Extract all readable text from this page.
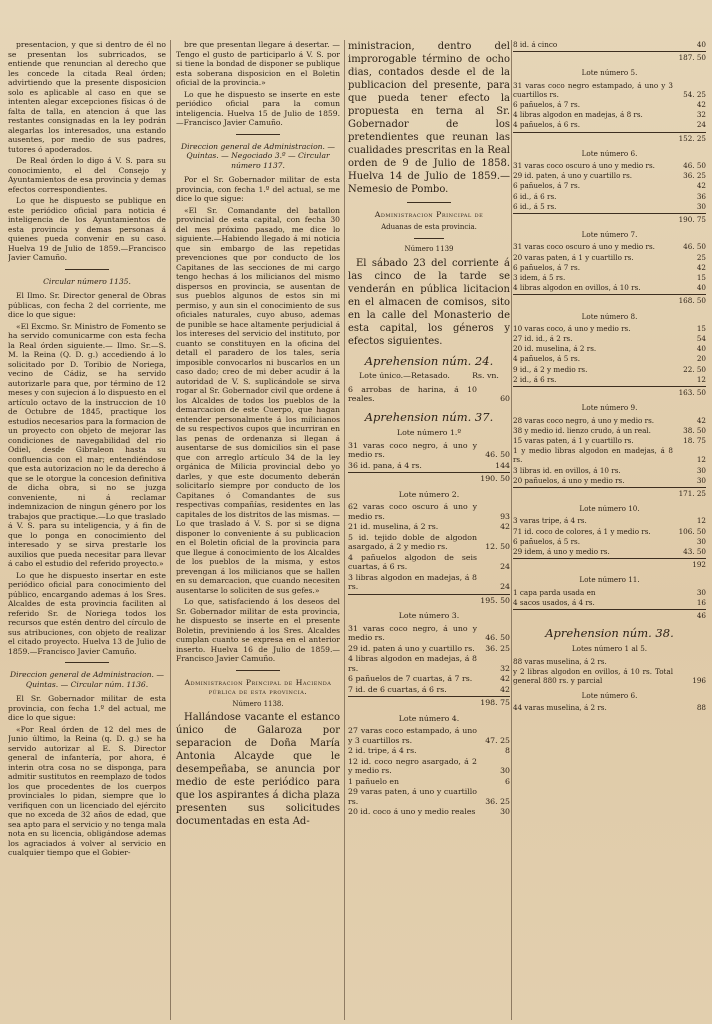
presentacion, y que si dentro de él no se presentan los subrricados, se entiende que renuncian al derecho que les concede la citada Real órden; advirtiendo que la presente disposicion solo es aplicable al caso en que se intenten alegar excepciones físicas ó de falta de talla, en atencion á que las restantes consignadas en la ley podrán alegarlas los interesados, una estando ausentes, por medio de sus padres, tutores ó apoderados.

De Real órden lo digo á V. S. para su conocimiento, el del Consejo y Ayuntamientos de esa provincia y demas efectos correspondientes.

Lo que he dispuesto se publique en este periódico oficial para noticia é inteligencia de los Ayuntamientos de esta provincia y demas personas á quienes pueda convenir en su caso. Huelva 19 de Julio de 1859.—Francisco Javier Camuño.

Circular número 1135.

El Ilmo. Sr. Director general de Obras públicas, con fecha 2 del corriente, me dice lo que sigue:

«El Excmo. Sr. Ministro de Fomento se ha servido comunicarme con esta fecha la Real órden siguiente.— Ilmo. Sr.—S. M. la Reina (Q. D. g.) accediendo á lo solicitado por D. Toribio de Noriega, vecino de Cádiz, se ha servido autorizarle para que, por término de 12 meses y con sujecion á lo dispuesto en el artículo octavo de la instruccion de 10 de Octubre de 1845, practique los estudios necesarios para la formacion de un proyecto con objeto de mejorar las condiciones de navegabilidad del rio Odiel, desde Gibraleon hasta su confluencia con el mar; entendiéndose que esta autorizacion no le da derecho á que se le otorgue la concesion definitiva de dicha obra, si no se juzga conveniente, ni á reclamar indemnizacion de ningun género por los trabajos que practique.—Lo que traslado á V. S. para su inteligencia, y á fin de que lo ponga en conocimiento del interesado y se sirva prestarle los auxilios que pueda necesitar para llevar á cabo el estudio del referido proyecto.»

Lo que he dispuesto insertar en este periódico oficial para conocimiento del público, encargando ademas á los Sres. Alcaldes de esta provincia faciliten al referido Sr. de Noriega todos los recursos que estén dentro del círculo de sus atribuciones, con objeto de realizar el citado proyecto. Huelva 13 de Julio de 1859.—Francisco Javier Camuño.

Direccion general de Administracion. — Quintas. — Circular núm. 1136.

El Sr. Gobernador militar de esta provincia, con fecha 1.º del actual, me dice lo que sigue:

«Por Real órden de 12 del mes de Junio último, la Reina (q. D. g.) se ha servido autorizar al E. S. Director general de infantería, por ahora, é interin otra cosa no se disponga, para admitir sustitutos en reemplazo de todos los que procedentes de los cuerpos provinciales lo pidan, siempre que lo verifiquen con un licenciado del ejército que no exceda de 32 años de edad, que sea apto para el servicio y no tenga mala nota en su licencia, obligándose ademas los agraciados á volver al servicio en cualquier tiempo que el Gobier-

bre que presentan llegare á desertar. —Tengo el gusto de participarlo á V. S. por si tiene la bondad de disponer se publique esta soberana disposicion en el Boletin oficial de la provincia.»

Lo que he dispuesto se inserte en este periódico oficial para la comun inteligencia. Huelva 15 de Julio de 1859.—Francisco Javier Camuño.

Direccion general de Administracion. — Quintas. — Negociado 3.º — Circular número 1137.

Por el Sr. Gobernador militar de esta provincia, con fecha 1.º del actual, se me dice lo que sigue:

«El Sr. Comandante del batallon provincial de esta capital, con fecha 30 del mes próximo pasado, me dice lo siguiente.—Habiendo llegado á mi noticia que sin embargo de las repetidas prevenciones que por conducto de los Capitanes de las secciones de mi cargo tengo hechas á los milicianos del mismo dispersos en provincia, se ausentan de sus pueblos algunos de estos sin mi permiso, y aun sin el conocimiento de sus oficiales naturales, cuyo abuso, ademas de punible se hace altamente perjudicial á los intereses del servicio del instituto, por cuanto se constituyen en la oficina del detall el paradero de los tales, sería imposible convocarlos ni buscarlos en un caso dado; creo de mi deber acudir á la autoridad de V. S. suplicándole se sirva rogar al Sr. Gobernador civil que ordene á los Alcaldes de todos los pueblos de la demarcacion de este Cuerpo, que hagan entender personalmente á los milicianos de su respectivos cupos que incurriran en las penas de ordenanza si llegan á ausentarse de sus domicilios sin el pase que con arreglo artículo 34 de la ley orgánica de Milicia provincial debo yo darles, y que este documento deberán solicitarlo siempre por conducto de los Capitanes ó Comandantes de sus respectivas compañías, residentes en las capitales de los distritos de las mismas. —Lo que traslado á V. S. por si se digna disponer lo conveniente á su publicacion en el Boletin oficial de la provincia para que llegue á conocimiento de los Alcaldes de los pueblos de la misma, y estos prevengan á los milicianos que se hallen en su demarcacion, que cuando necesiten ausentarse lo soliciten de sus gefes.»

Lo que, satisfaciendo á los deseos del Sr. Gobernador militar de esta provincia, he dispuesto se inserte en el presente Boletin, previniendo á los Sres. Alcaldes cumplan cuanto se expresa en el anterior inserto. Huelva 16 de Julio de 1859.—Francisco Javier Camuño.

Administracion Principal de Hacienda pública de esta provincia.

Número 1138.

Hallándose vacante el estanco único de Galaroza por separacion de Doña María Antonia Alcayde que le desempeñaba, se anuncia por medio de este periódico para que los aspirantes á dicha plaza presenten sus solicitudes documentadas en esta Ad-

ministracion, dentro del improrogable término de ocho dias, contados desde el de la publicacion del presente, para que pueda tener efecto la propuesta en terna al Sr. Gobernador de los pretendientes que reunan las cualidades prescritas en la Real orden de 9 de Julio de 1858. Huelva 14 de Julio de 1859.—Nemesio de Pombo.

Administracion Principal de

Aduanas de esta provincia.

Número 1139

El sábado 23 del corriente á las cinco de la tarde se venderán en pública licitacion en el almacen de comisos, sito en la calle del Monasterio de esta capital, los géneros y efectos siguientes.

Aprehension núm. 24.

Lote único.—Retasado.	Rs. vn.
6 arrobas de harina, á 10 reales.	60

Aprehension núm. 37.

Lote número 1.º

31 varas coco negro, á uno y medio rs.	46. 50
36 id. pana, á 4 rs.	144
190. 50

Lote número 2.

62 varas coco oscuro á uno y medio rs.	93
21 id. muselina, á 2 rs.	42
5 id. tejido doble de algodon asargado, á 2 y medio rs.	12. 50
4 pañuelos algodon de seis cuartas, á 6 rs.	24
3 libras algodon en madejas, á 8 rs.	24
195. 50

Lote número 3.

31 varas coco negro, á uno y medio rs.	46. 50
29 id. paten á uno y cuartillo rs.	36. 25
4 libras algodon en madejas, á 8 rs.	32
6 pañuelos de 7 cuartas, á 7 rs.	42
7 id. de 6 cuartas, á 6 rs.	42
198. 75

Lote número 4.

27 varas coco estampado, á uno y 3 cuartillos rs.	47. 25
2 id. tripe, á 4 rs.	8
12 id. coco negro asargado, á 2 y medio rs.	30
1 pañuelo en	6
29 varas paten, á uno y cuartillo rs.	36. 25
20 id. coco á uno y medio reales	30
8 id. á cinco	40
187. 50

Lote número 5.

31 varas coco negro estampado, á uno y 3 cuartillos rs.	54. 25
6 pañuelos, á 7 rs.	42
4 libras algodon en madejas, á 8 rs.	32
4 pañuelos, á 6 rs.	24
152. 25

Lote número 6.

31 varas coco oscuro á uno y medio rs.	46. 50
29 id. paten, á uno y cuartillo rs.	36. 25
6 pañuelos, á 7 rs.	42
6 id., á 6 rs.	36
6 id., á 5 rs.	30
190. 75

Lote número 7.

31 varas coco oscuro á uno y medio rs.	46. 50
20 varas paten, á 1 y cuartillo rs.	25
6 pañuelos, á 7 rs.	42
3 idem, á 5 rs.	15
4 libras algodon en ovillos, á 10 rs.	40
168. 50

Lote número 8.

10 varas coco, á uno y medio rs.	15
27 id. id., á 2 rs.	54
20 id. muselina, á 2 rs.	40
4 pañuelos, á 5 rs.	20
9 id., á 2 y medio rs.	22. 50
2 id., á 6 rs.	12
163. 50

Lote número 9.

28 varas coco negro, á uno y medio rs.	42
38 y medio id. lienzo crudo, á un real.	38. 50
15 varas paten, á 1 y cuartillo rs.	18. 75
1 y medio libras algodon en madejas, á 8 rs.	12
3 libras id. en ovillos, á 10 rs.	30
20 pañuelos, á uno y medio rs.	30
171. 25

Lote número 10.

3 varas tripe, á 4 rs.	12
71 id. coco de colores, á 1 y medio rs.	106. 50
6 pañuelos, á 5 rs.	30
29 idem, á uno y medio rs.	43. 50
192

Lote número 11.

1 capa parda usada en	30
4 sacos usados, á 4 rs.	16
46

Aprehension núm. 38.

Lotes número 1 al 5.

88 varas muselina, á 2 rs.
y 2 libras algodon en ovillos, á 10 rs. Total general 880 rs. y parcial	196

Lote número 6.

44 varas muselina, á 2 rs.	88
